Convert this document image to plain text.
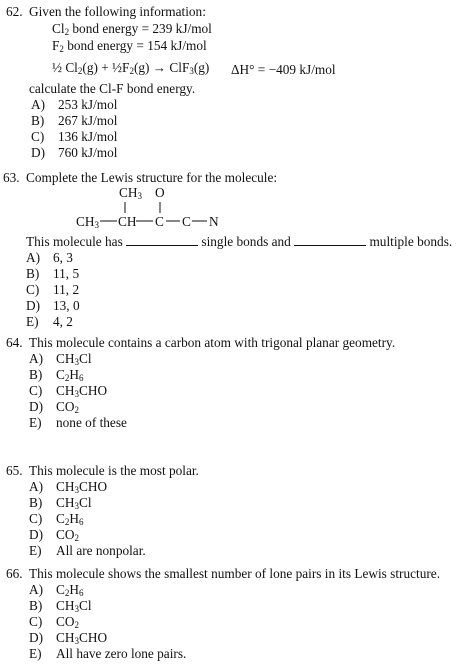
62. Given the following information:
$Cl_2$ bond energy = 239 kJ/mol
$F_2$ bond energy = 154 kJ/mol
½ $Cl_2(g)$ + $\frac{1}{2}F_2(g) \to ClF_3(g) \Delta H^\circ = -409$ kJ/mol
calculate the Cl-F bond energy.
A) 253 kJ/mol
B) 267 kJ/mol
C) 136 kJ/mol
D) 760 kJ/mol
63. Complete the Lewis structure for the molecule:
$CH_3$ O
$CH_3$ CH C C N
This molecule has	single bonds and	multiple bonds.
A) 6, 3
B) 11, 5
C) 11, 2
D) 13, 0
E) 4, 2
64. This molecule contains a carbon atom with trigonal planar geometry.
A) $CH_3Cl$
B) $C_2H_6$
C) $CH_3CHO$
D) $CO_2$
E) none of these
65. This molecule is the most polar.
A) $CH_3CHO$
B) $CH_3Cl$
C) $C_2H_6$
D) $CO_2$
E) All are nonpolar.
66. This molecule shows the smallest number of lone pairs in its Lewis structure.
A) $C_2H_6$
B) $CH_3Cl$
C) $CO_2$
D) $CH_3CHO$
E) All have zero lone pairs.
